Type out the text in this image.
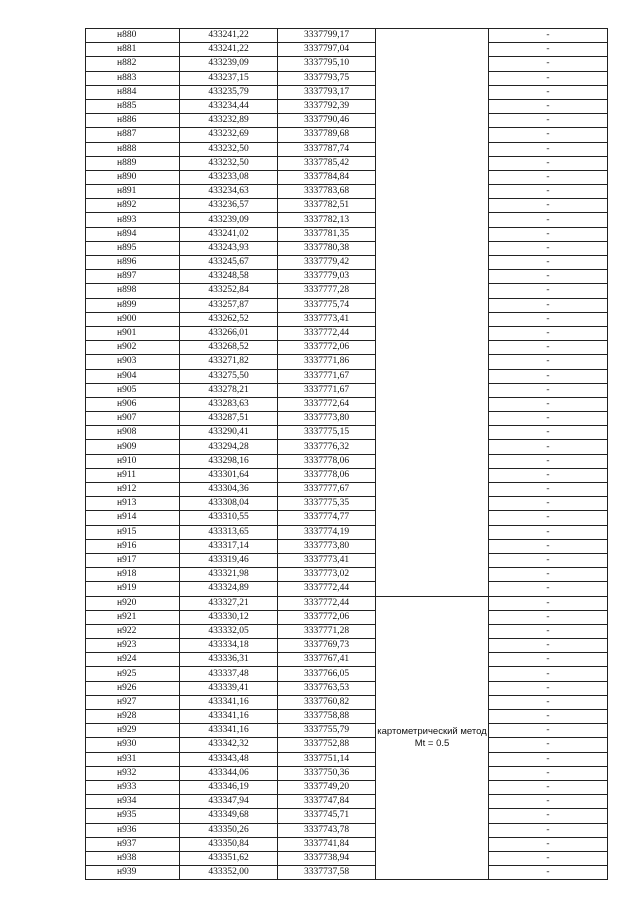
н880	433241,22	3337799,17		-
н881	433241,22	3337797,04		-
н882	433239,09	3337795,10		-
н883	433237,15	3337793,75		-
н884	433235,79	3337793,17		-
н885	433234,44	3337792,39		-
н886	433232,89	3337790,46		-
н887	433232,69	3337789,68		-
н888	433232,50	3337787,74		-
н889	433232,50	3337785,42		-
н890	433233,08	3337784,84		-
н891	433234,63	3337783,68		-
н892	433236,57	3337782,51		-
н893	433239,09	3337782,13		-
н894	433241,02	3337781,35		-
н895	433243,93	3337780,38		-
н896	433245,67	3337779,42		-
н897	433248,58	3337779,03		-
н898	433252,84	3337777,28		-
н899	433257,87	3337775,74		-
н900	433262,52	3337773,41		-
н901	433266,01	3337772,44		-
н902	433268,52	3337772,06		-
н903	433271,82	3337771,86		-
н904	433275,50	3337771,67		-
н905	433278,21	3337771,67		-
н906	433283,63	3337772,64		-
н907	433287,51	3337773,80		-
н908	433290,41	3337775,15		-
н909	433294,28	3337776,32		-
н910	433298,16	3337778,06		-
н911	433301,64	3337778,06		-
н912	433304,36	3337777,67		-
н913	433308,04	3337775,35		-
н914	433310,55	3337774,77		-
н915	433313,65	3337774,19		-
н916	433317,14	3337773,80		-
н917	433319,46	3337773,41		-
н918	433321,98	3337773,02		-
н919	433324,89	3337772,44		-
н920	433327,21	3337772,44	картометрический метод Mt = 0.5	-
н921	433330,12	3337772,06		-
н922	433332,05	3337771,28		-
н923	433334,18	3337769,73		-
н924	433336,31	3337767,41		-
н925	433337,48	3337766,05		-
н926	433339,41	3337763,53		-
н927	433341,16	3337760,82		-
н928	433341,16	3337758,88		-
н929	433341,16	3337755,79		-
н930	433342,32	3337752,88		-
н931	433343,48	3337751,14		-
н932	433344,06	3337750,36		-
н933	433346,19	3337749,20		-
н934	433347,94	3337747,84		-
н935	433349,68	3337745,71		-
н936	433350,26	3337743,78		-
н937	433350,84	3337741,84		-
н938	433351,62	3337738,94		-
н939	433352,00	3337737,58		-
